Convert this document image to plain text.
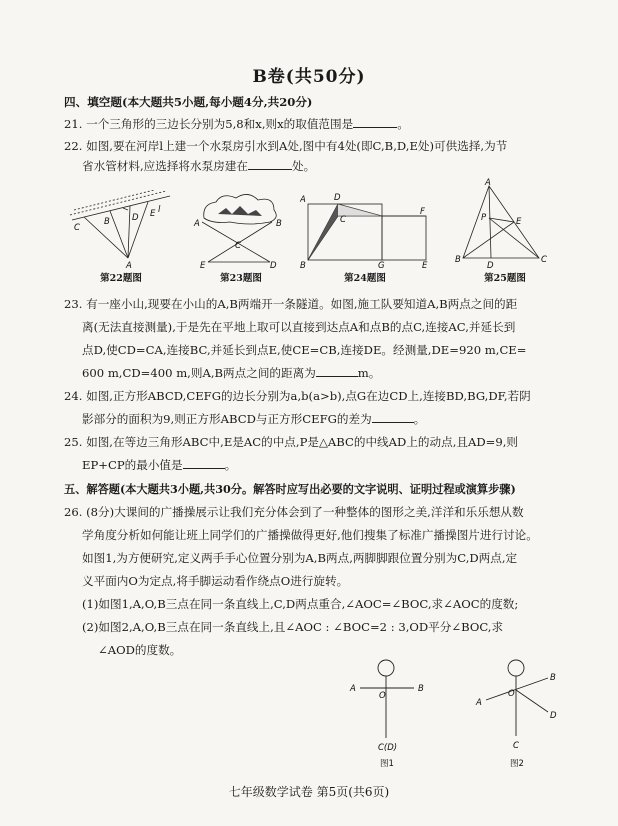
B卷(共50分)
四、填空题(本大题共5小题,每小题4分,共20分)
21. 一个三角形的三边长分别为5,8和x,则x的取值范围是	。
22. 如图,要在河岸l上建一个水泵房引水到A处,图中有4处(即C,B,D,E处)可供选择,为节
省水管材料,应选择将水泵房建在	处。
l
C
B	D E
A
A	B
C
E	D
D
C
F
A
B	G	E
A
P	E
B
D
C
第22题图	第23题图	第24题图	第25题图
23. 有一座小山,现要在小山的A,B两端开一条隧道。如图,施工队要知道A,B两点之间的距
离(无法直接测量),于是先在平地上取可以直接到达点A和点B的点C,连接AC,并延长到
点D,使CD=CA,连接BC,并延长到点E,使CE=CB,连接DE。经测量,DE=920 m,CE=
600 m,CD=400 m,则A,B两点之间的距离为	m。
24. 如图,正方形ABCD,CEFG的边长分别为a,b(a>b),点G在边CD上,连接BD,BG,DF,若阴
影部分的面积为9,则正方形ABCD与正方形CEFG的差为	。
25. 如图,在等边三角形ABC中,E是AC的中点,P是△ABC的中线AD上的动点,且AD=9,则
EP+CP的最小值是	。
五、解答题(本大题共3小题,共30分。解答时应写出必要的文字说明、证明过程或演算步骤)
26. (8分)大课间的广播操展示让我们充分体会到了一种整体的图形之美,洋洋和乐乐想从数
学角度分析如何能让班上同学们的广播操做得更好,他们搜集了标准广播操图片进行讨论。
如图1,为方便研究,定义两手手心位置分别为A,B两点,两脚脚跟位置分别为C,D两点,定
义平面内O为定点,将手脚运动看作绕点O进行旋转。
(1)如图1,A,O,B三点在同一条直线上,C,D两点重合,∠AOC=∠BOC,求∠AOC的度数;
(2)如图2,A,O,B三点在同一条直线上,且∠AOC : ∠BOC=2 : 3,OD平分∠BOC,求
∠AOD的度数。
A
O
B
C(D)
图1
B
A
O
D
C
图2
七年级数学试卷 第5页(共6页)
